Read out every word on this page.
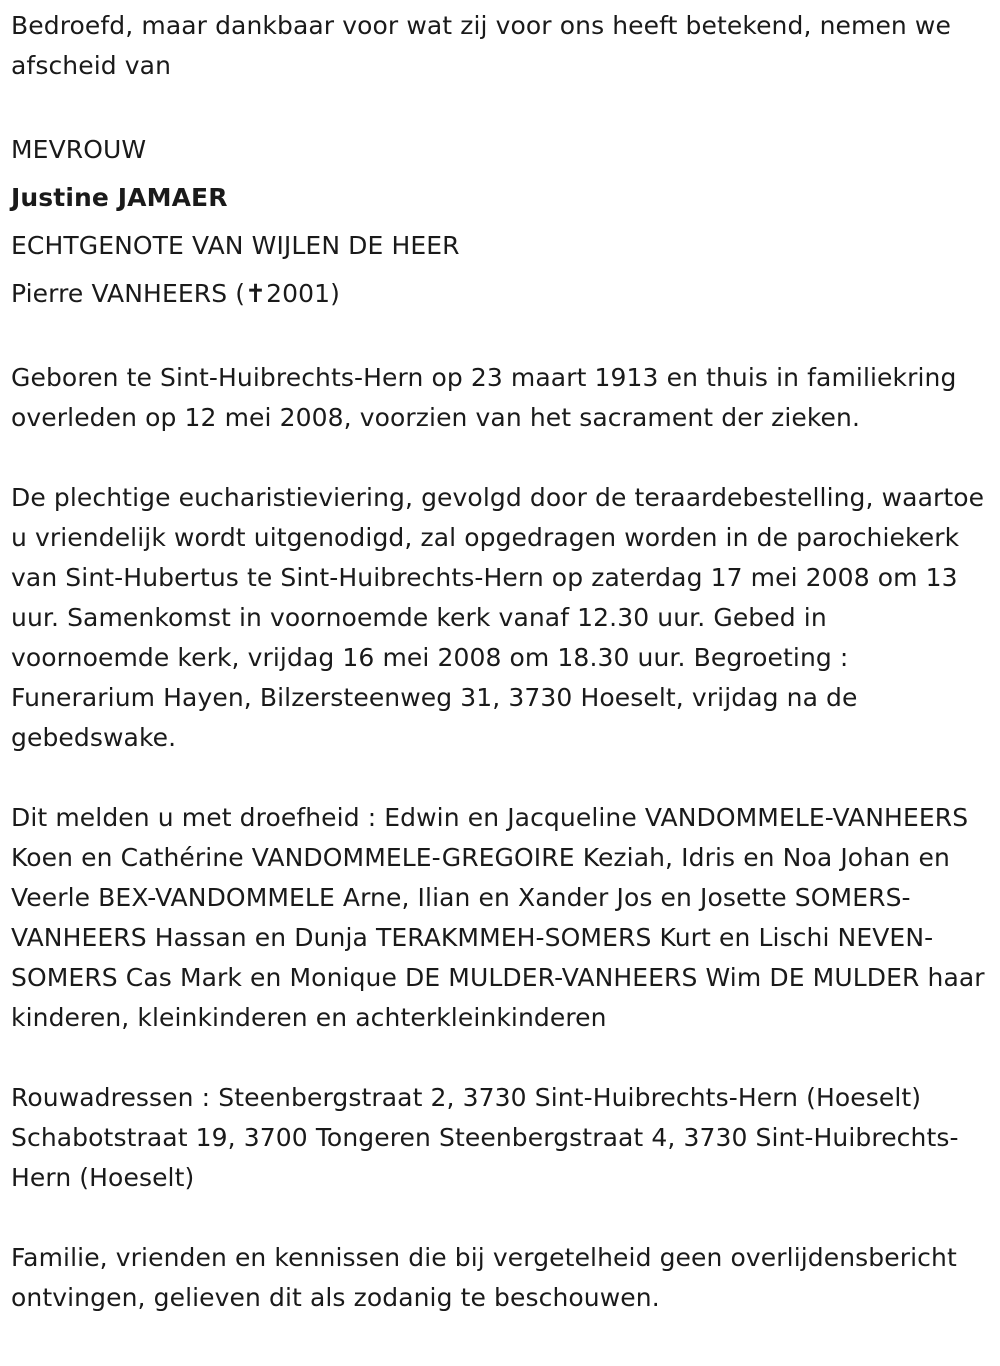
Bedroefd, maar dankbaar voor wat zij voor ons heeft betekend, nemen we afscheid van

MEVROUW

Justine JAMAER

ECHTGENOTE VAN WIJLEN DE HEER

Pierre VANHEERS (✝2001)

Geboren te Sint-Huibrechts-Hern op 23 maart 1913 en thuis in familiekring overleden op 12 mei 2008, voorzien van het sacrament der zieken.

De plechtige eucharistieviering, gevolgd door de teraardebestelling, waartoe u vriendelijk wordt uitgenodigd, zal opgedragen worden in de parochiekerk van Sint-Hubertus te Sint-Huibrechts-Hern op zaterdag 17 mei 2008 om 13 uur. Samenkomst in voornoemde kerk vanaf 12.30 uur. Gebed in voornoemde kerk, vrijdag 16 mei 2008 om 18.30 uur. Begroeting : Funerarium Hayen, Bilzersteenweg 31, 3730 Hoeselt, vrijdag na de gebedswake.

Dit melden u met droefheid : Edwin en Jacqueline VANDOMMELE-VANHEERS Koen en Cathérine VANDOMMELE-GREGOIRE Keziah, Idris en Noa Johan en Veerle BEX-VANDOMMELE Arne, Ilian en Xander Jos en Josette SOMERS-VANHEERS Hassan en Dunja TERAKMMEH-SOMERS Kurt en Lischi NEVEN-SOMERS Cas Mark en Monique DE MULDER-VANHEERS Wim DE MULDER haar kinderen, kleinkinderen en achterkleinkinderen

Rouwadressen : Steenbergstraat 2, 3730 Sint-Huibrechts-Hern (Hoeselt) Schabotstraat 19, 3700 Tongeren Steenbergstraat 4, 3730 Sint-Huibrechts-Hern (Hoeselt)

Familie, vrienden en kennissen die bij vergetelheid geen overlijdensbericht ontvingen, gelieven dit als zodanig te beschouwen.
